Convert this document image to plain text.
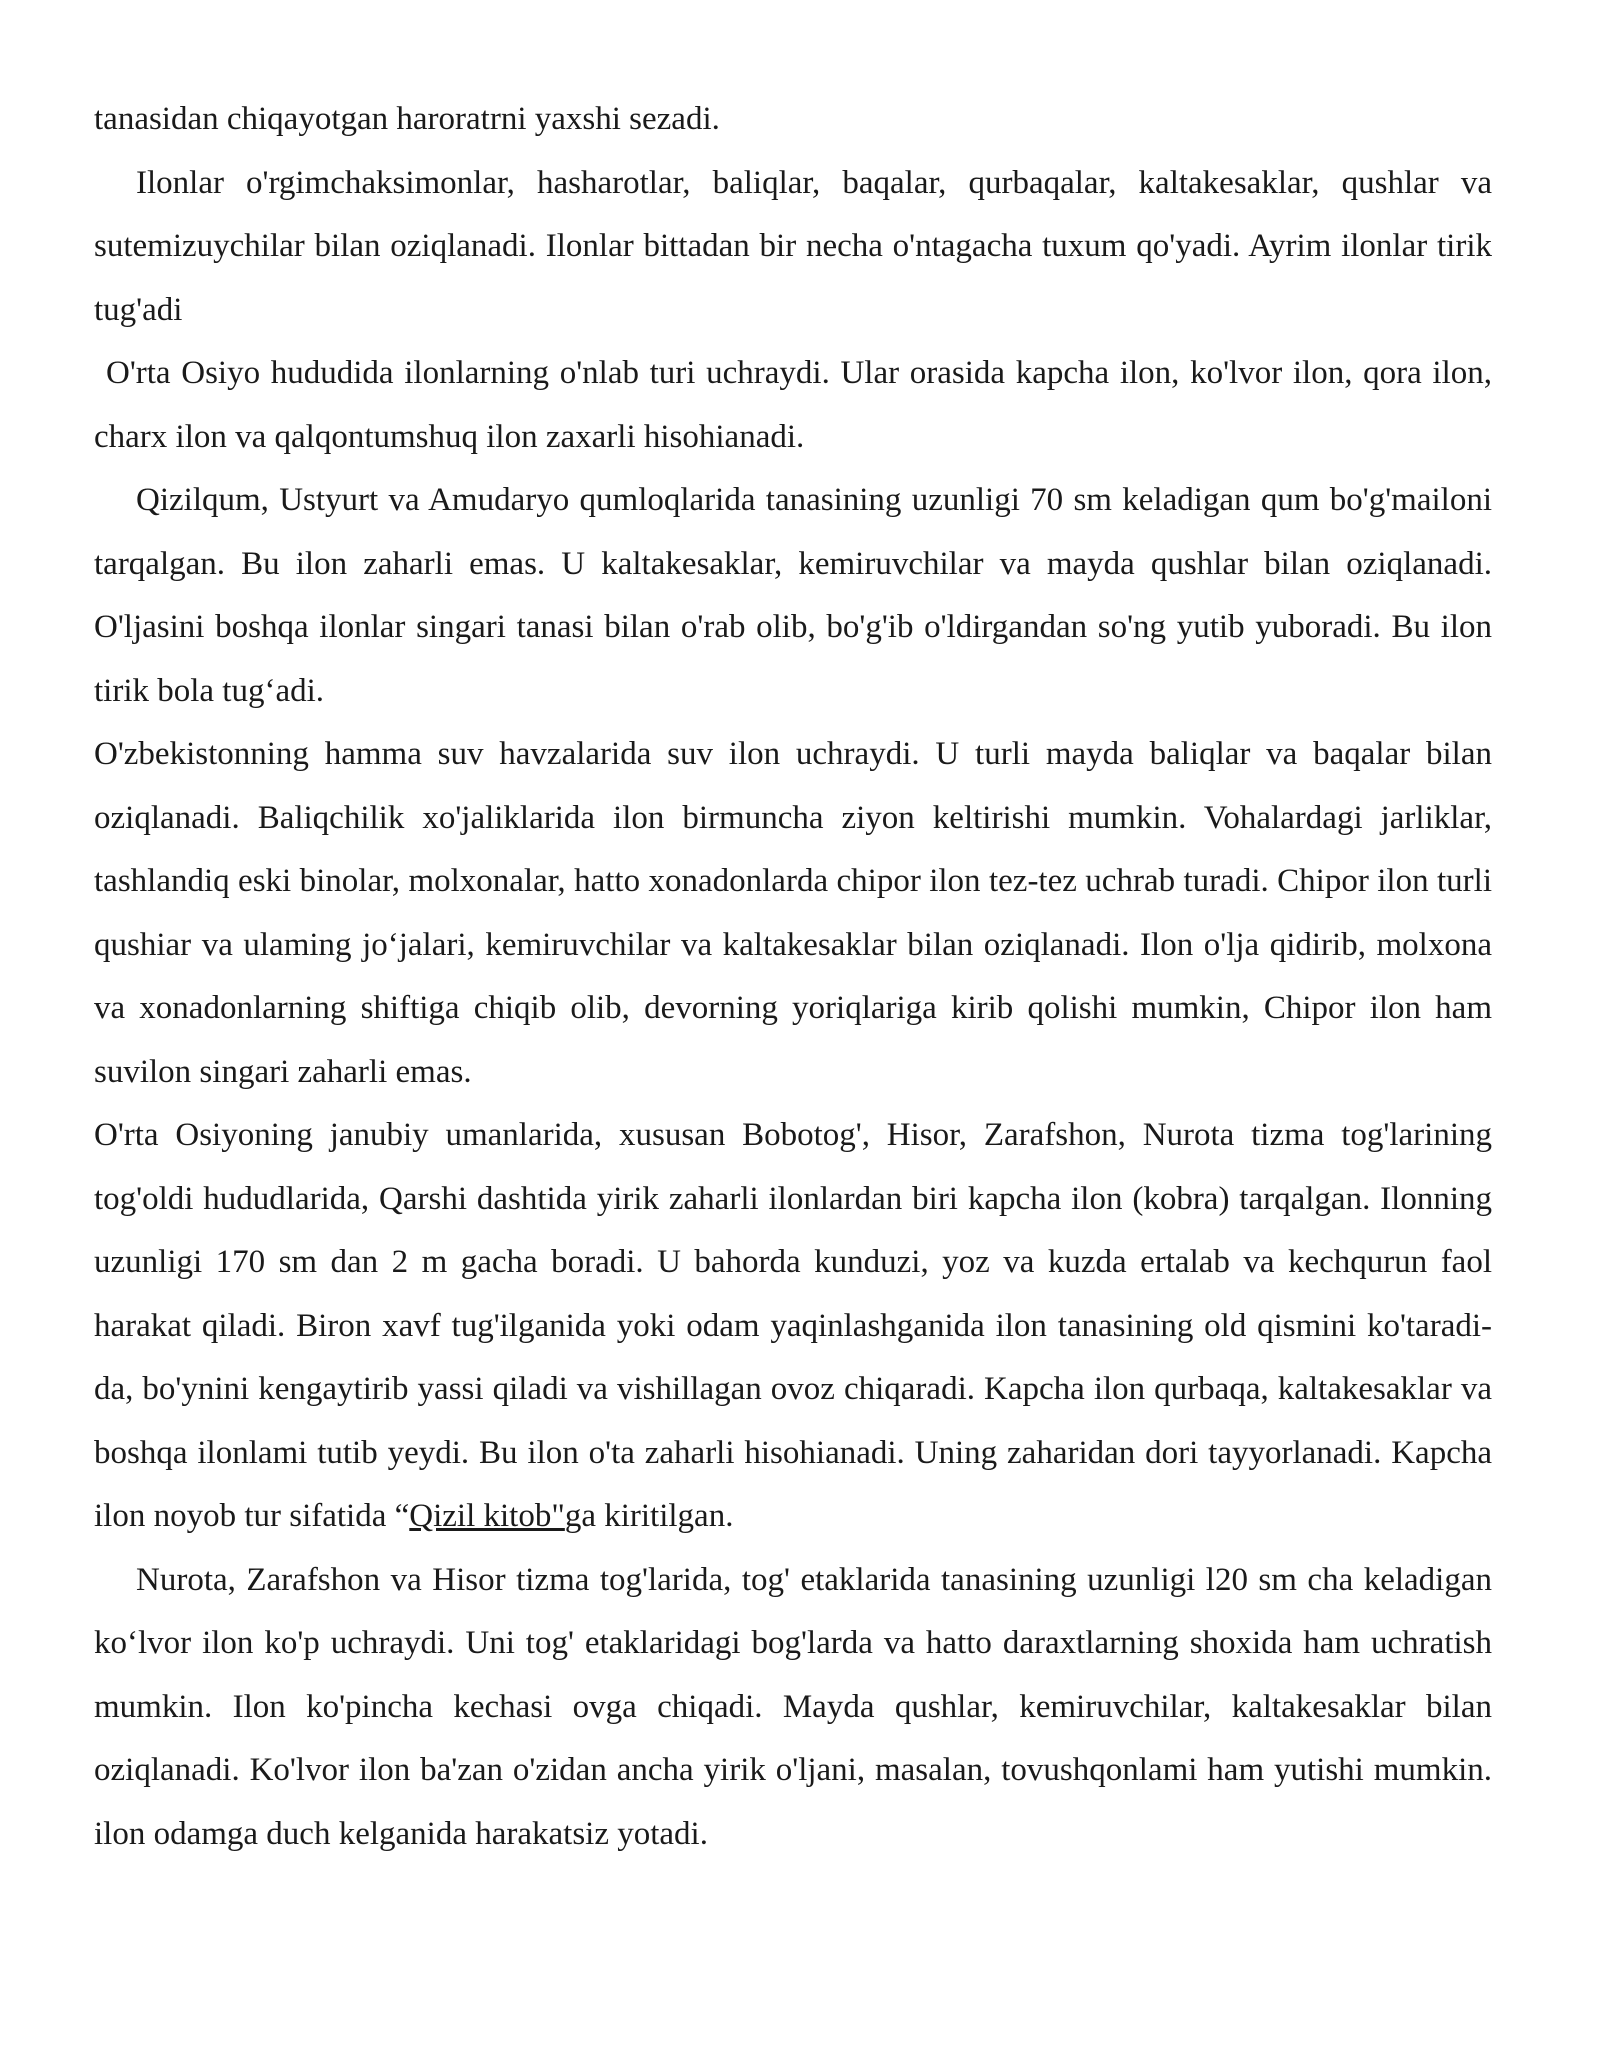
tanasidan chiqayotgan haroratrni yaxshi sezadi.

Ilonlar o'rgimchaksimonlar, hasharotlar, baliqlar, baqalar, qurbaqalar, kaltakesaklar, qushlar va sutemizuychilar bilan oziqlanadi. Ilonlar bittadan bir necha o'ntagacha tuxum qo'yadi. Ayrim ilonlar tirik tug'adi

O'rta Osiyo hududida ilonlarning o'nlab turi uchraydi. Ular orasida kapcha ilon, ko'lvor ilon, qora ilon, charx ilon va qalqontumshuq ilon zaxarli hisohianadi.

Qizilqum, Ustyurt va Amudaryo qumloqlarida tanasining uzunligi 70 sm keladigan qum bo'g'mailoni tarqalgan. Bu ilon zaharli emas. U kaltakesaklar, kemiruvchilar va mayda qushlar bilan oziqlanadi. O'ljasini boshqa ilonlar singari tanasi bilan o'rab olib, bo'g'ib o'ldirgandan so'ng yutib yuboradi. Bu ilon tirik bola tug‘adi.

O'zbekistonning hamma suv havzalarida suv ilon uchraydi. U turli mayda baliqlar va baqalar bilan oziqlanadi. Baliqchilik xo'jaliklarida ilon birmuncha ziyon keltirishi mumkin. Vohalardagi jarliklar, tashlandiq eski binolar, molxonalar, hatto xonadonlarda chipor ilon tez-tez uchrab turadi. Chipor ilon turli qushiar va ulaming jo‘jalari, kemiruvchilar va kaltakesaklar bilan oziqlanadi. Ilon o'lja qidirib, molxona va xonadonlarning shiftiga chiqib olib, devorning yoriqlariga kirib qolishi mumkin, Chipor ilon ham suvilon singari zaharli emas.

O'rta Osiyoning janubiy umanlarida, xususan Bobotog', Hisor, Zarafshon, Nurota tizma tog'larining tog'oldi hududlarida, Qarshi dashtida yirik zaharli ilonlardan biri kapcha ilon (kobra) tarqalgan. Ilonning uzunligi 170 sm dan 2 m gacha boradi. U bahorda kunduzi, yoz va kuzda ertalab va kechqurun faol harakat qiladi. Biron xavf tug'ilganida yoki odam yaqinlashganida ilon tanasining old qismini ko'taradi-da, bo'ynini kengaytirib yassi qiladi va vishillagan ovoz chiqaradi. Kapcha ilon qurbaqa, kaltakesaklar va boshqa ilonlami tutib yeydi. Bu ilon o'ta zaharli hisohianadi. Uning zaharidan dori tayyorlanadi. Kapcha ilon noyob tur sifatida “Qizil kitob"ga kiritilgan.

Nurota, Zarafshon va Hisor tizma tog'larida, tog' etaklarida tanasining uzunligi l20 sm cha keladigan ko‘lvor ilon ko'p uchraydi. Uni tog' etaklaridagi bog'larda va hatto daraxtlarning shoxida ham uchratish mumkin. Ilon ko'pincha kechasi ovga chiqadi. Mayda qushlar, kemiruvchilar, kaltakesaklar bilan oziqlanadi. Ko'lvor ilon ba'zan o'zidan ancha yirik o'ljani, masalan, tovushqonlami ham yutishi mumkin. ilon odamga duch kelganida harakatsiz yotadi.
